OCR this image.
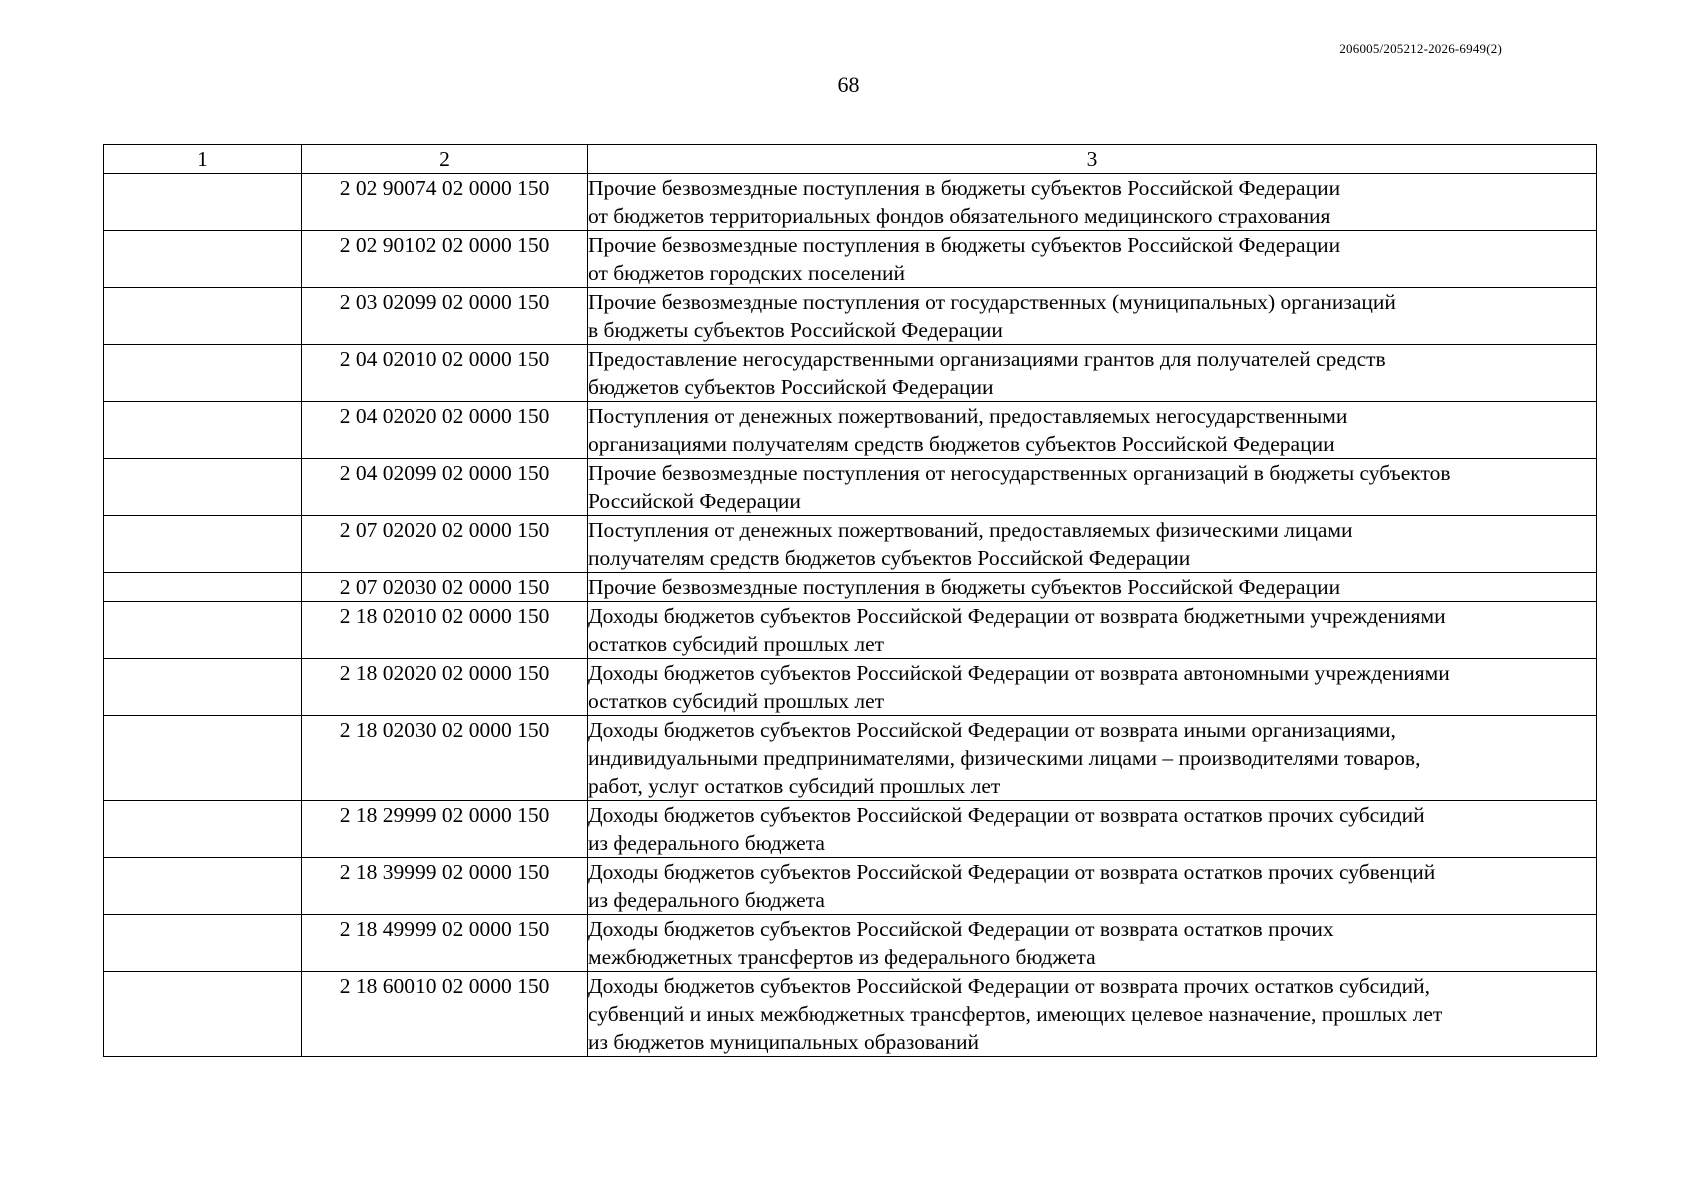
206005/205212-2026-6949(2)
68
1	2	3
	2 02 90074 02 0000 150	Прочие безвозмездные поступления в бюджеты субъектов Российской Федерации
от бюджетов территориальных фондов обязательного медицинского страхования

	2 02 90102 02 0000 150	Прочие безвозмездные поступления в бюджеты субъектов Российской Федерации
от бюджетов городских поселений

	2 03 02099 02 0000 150	Прочие безвозмездные поступления от государственных (муниципальных) организаций
в бюджеты субъектов Российской Федерации

	2 04 02010 02 0000 150	Предоставление негосударственными организациями грантов для получателей средств
бюджетов субъектов Российской Федерации

	2 04 02020 02 0000 150	Поступления от денежных пожертвований, предоставляемых негосударственными
организациями получателям средств бюджетов субъектов Российской Федерации

	2 04 02099 02 0000 150	Прочие безвозмездные поступления от негосударственных организаций в бюджеты субъектов
Российской Федерации

	2 07 02020 02 0000 150	Поступления от денежных пожертвований, предоставляемых физическими лицами
получателям средств бюджетов субъектов Российской Федерации

	2 07 02030 02 0000 150	Прочие безвозмездные поступления в бюджеты субъектов Российской Федерации

	2 18 02010 02 0000 150	Доходы бюджетов субъектов Российской Федерации от возврата бюджетными учреждениями
остатков субсидий прошлых лет

	2 18 02020 02 0000 150	Доходы бюджетов субъектов Российской Федерации от возврата автономными учреждениями
остатков субсидий прошлых лет

	2 18 02030 02 0000 150	Доходы бюджетов субъектов Российской Федерации от возврата иными организациями,
индивидуальными предпринимателями, физическими лицами – производителями товаров,
работ, услуг остатков субсидий прошлых лет

	2 18 29999 02 0000 150	Доходы бюджетов субъектов Российской Федерации от возврата остатков прочих субсидий
из федерального бюджета

	2 18 39999 02 0000 150	Доходы бюджетов субъектов Российской Федерации от возврата остатков прочих субвенций
из федерального бюджета

	2 18 49999 02 0000 150	Доходы бюджетов субъектов Российской Федерации от возврата остатков прочих
межбюджетных трансфертов из федерального бюджета

	2 18 60010 02 0000 150	Доходы бюджетов субъектов Российской Федерации от возврата прочих остатков субсидий,
субвенций и иных межбюджетных трансфертов, имеющих целевое назначение, прошлых лет
из бюджетов муниципальных образований
